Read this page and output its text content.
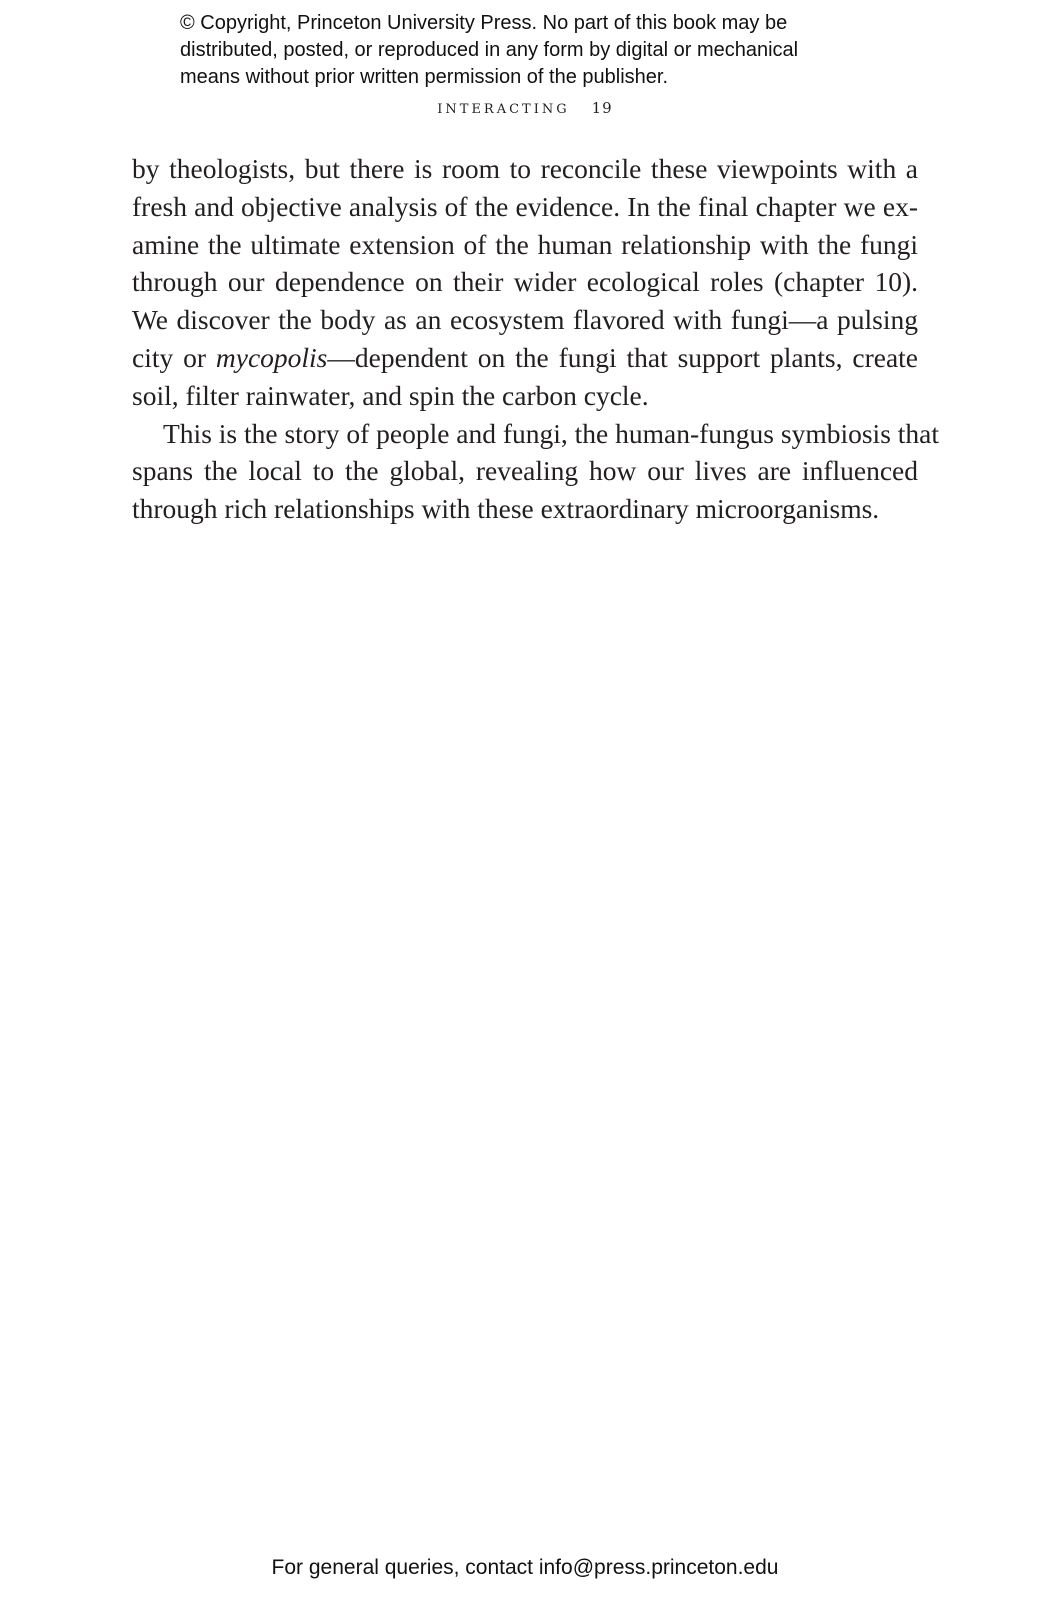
© Copyright, Princeton University Press. No part of this book may be
distributed, posted, or reproduced in any form by digital or mechanical
means without prior written permission of the publisher.
INTERACTING 19
by theologists, but there is room to reconcile these viewpoints with a
fresh and objective analysis of the evidence. In the final chapter we ex-
amine the ultimate extension of the human relationship with the fungi
through our dependence on their wider ecological roles (chapter 10).
We discover the body as an ecosystem flavored with fungi—a pulsing
city or mycopolis—dependent on the fungi that support plants, create
soil, filter rainwater, and spin the carbon cycle.
This is the story of people and fungi, the human-fungus symbiosis that
spans the local to the global, revealing how our lives are influenced
through rich relationships with these extraordinary microorganisms.
For general queries, contact info@press.princeton.edu
